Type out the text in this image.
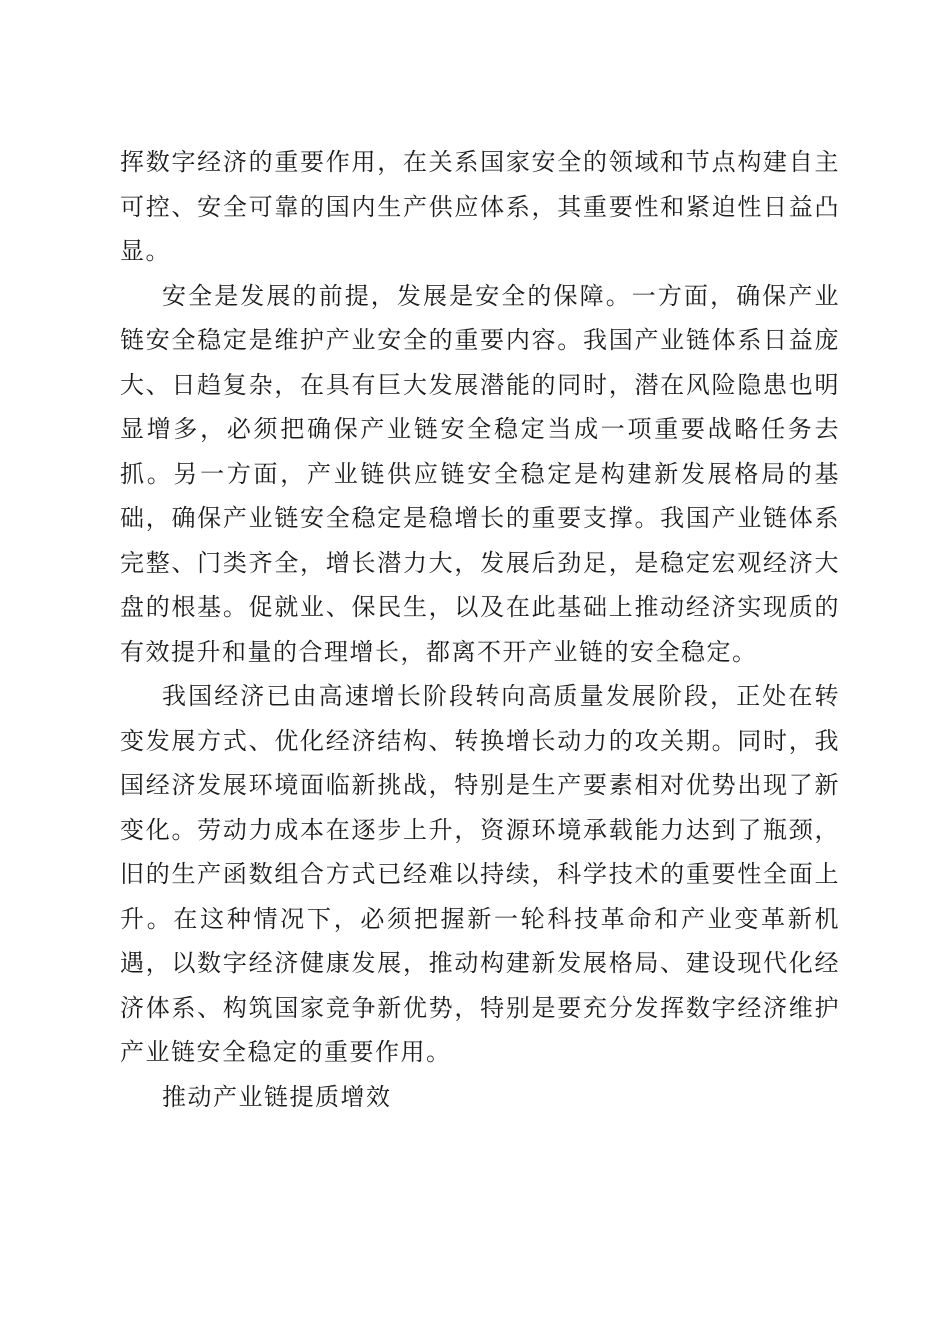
挥数字经济的重要作用，在关系国家安全的领域和节点构建自主可控、安全可靠的国内生产供应体系，其重要性和紧迫性日益凸显。

安全是发展的前提，发展是安全的保障。一方面，确保产业链安全稳定是维护产业安全的重要内容。我国产业链体系日益庞大、日趋复杂，在具有巨大发展潜能的同时，潜在风险隐患也明显增多，必须把确保产业链安全稳定当成一项重要战略任务去抓。另一方面，产业链供应链安全稳定是构建新发展格局的基础，确保产业链安全稳定是稳增长的重要支撑。我国产业链体系完整、门类齐全，增长潜力大，发展后劲足，是稳定宏观经济大盘的根基。促就业、保民生，以及在此基础上推动经济实现质的有效提升和量的合理增长，都离不开产业链的安全稳定。

我国经济已由高速增长阶段转向高质量发展阶段，正处在转变发展方式、优化经济结构、转换增长动力的攻关期。同时，我国经济发展环境面临新挑战，特别是生产要素相对优势出现了新变化。劳动力成本在逐步上升，资源环境承载能力达到了瓶颈，旧的生产函数组合方式已经难以持续，科学技术的重要性全面上升。在这种情况下，必须把握新一轮科技革命和产业变革新机遇，以数字经济健康发展，推动构建新发展格局、建设现代化经济体系、构筑国家竞争新优势，特别是要充分发挥数字经济维护产业链安全稳定的重要作用。

推动产业链提质增效
